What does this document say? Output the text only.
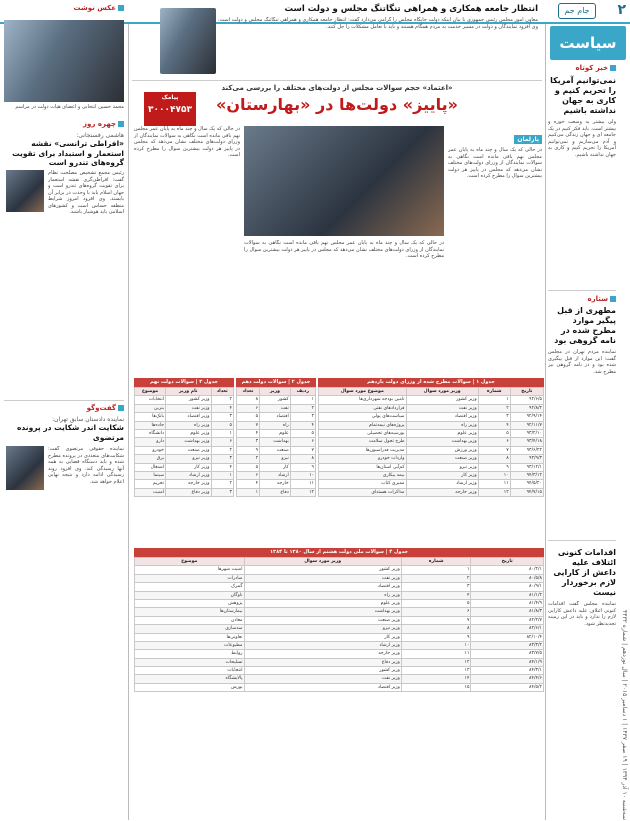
۲
جام جم
سیاست
سه‌شنبه ۱۰ آذر ۱۳۹۴ | ۱۹ صفر ۱۴۳۷ | ۱ دسامبر ۲۰۱۵ | سال نوزدهم | شماره ۴۴۳۲
خبر کوتاه
نمی‌توانیم آمریکا را تحریم کنیم و کاری به جهان نداشته باشیم
ولی بیشتر به وسعت حوزه و بیشتر است. باید فکر کنیم در یک جامعه ای و جهان زندگی می‌کنیم و آدم می‌سازیم و نمی‌توانیم آمریکا را تحریم کنیم و کاری به جهان نداشته باشیم.
ستاره
مطهری از قبل پیگیر موارد مطرح شده در نامه گروهی بود
نماینده مردم تهران در مجلس گفت: این موارد از قبل پیگیری شده بود و در نامه گروهی نیز مطرح شد.
اقدامات کنونی ائتلاف علیه داعش از کارایی لازم برخوردار نیست
نماینده مجلس گفت اقدامات کنونی ائتلاف علیه داعش کارایی لازم را ندارد و باید در این زمینه تجدیدنظر شود.
انتظار جامعه همکاری و همراهی تنگاتنگ مجلس و دولت است
معاون امور مجلس رئیس جمهوری با بیان اینکه دولت جایگاه مجلس را گرامی می‌دارد گفت: انتظار جامعه همکاری و همراهی تنگاتنگ مجلس و دولت است. وی افزود نمایندگان و دولت در مسیر خدمت به مردم همگام هستند و باید با تعامل مشکلات را حل کنند.
«اعتماد» حجم سوالات مجلس از دولت‌های مختلف را بررسی می‌کند
«پاییز» دولت‌ها در «بهارستان»
پیامک
۳۰۰۰۴۷۵۳
پارلمان
در حالی که یک سال و چند ماه به پایان عمر مجلس نهم باقی مانده است نگاهی به سوالات نمایندگان از وزرای دولت‌های مختلف نشان می‌دهد که مجلس در پاییز هر دولت بیشترین سوال را مطرح کرده است.
در حالی که یک سال و چند ماه به پایان عمر مجلس نهم باقی مانده است نگاهی به سوالات نمایندگان از وزرای دولت‌های مختلف نشان می‌دهد که مجلس در پاییز هر دولت بیشترین سوال را مطرح کرده است.
در حالی که یک سال و چند ماه به پایان عمر مجلس نهم باقی مانده است نگاهی به سوالات نمایندگان از وزرای دولت‌های مختلف نشان می‌دهد که مجلس در پاییز هر دولت بیشترین سوال را مطرح کرده است.
جدول ۱ | سوالات مطرح شده از وزرای دولت یازدهم
تاریخ	شماره	وزیر مورد سوال	موضوع مورد سوال
۹۲/۶/۵	۱	وزیر کشور	تامین بودجه شهرداری‌ها
۹۲/۸/۲	۲	وزیر نفت	قراردادهای نفتی
۹۲/۹/۱۴	۳	وزیر اقتصاد	سیاست‌های پولی
۹۲/۱۱/۷	۴	وزیر راه	پروژه‌های نیمه‌تمام
۹۳/۲/۱۰	۵	وزیر علوم	بورسیه‌های تحصیلی
۹۳/۴/۱۸	۶	وزیر بهداشت	طرح تحول سلامت
۹۳/۶/۲۲	۷	وزیر ورزش	مدیریت فدراسیون‌ها
۹۳/۹/۳	۸	وزیر صنعت	واردات خودرو
۹۳/۱۲/۱	۹	وزیر نیرو	کم‌آبی استان‌ها
۹۴/۳/۱۲	۱۰	وزیر کار	بیمه بیکاری
۹۴/۵/۲۰	۱۱	وزیر ارشاد	ممیزی کتاب
۹۴/۷/۱۵	۱۲	وزیر خارجه	مذاکرات هسته‌ای
جدول ۲ | سوالات دولت دهم
ردیف	وزیر	تعداد
۱	کشور	۸
۲	نفت	۶
۳	اقتصاد	۵
۴	راه	۷
۵	علوم	۴
۶	بهداشت	۳
۷	صنعت	۹
۸	نیرو	۲
۹	کار	۵
۱۰	ارشاد	۶
۱۱	خارجه	۴
۱۲	دفاع	۱
جدول ۳ | سوالات دولت نهم
تعداد	نام وزیر	موضوع
۲	وزیر کشور	انتخابات
۴	وزیر نفت	بنزین
۳	وزیر اقتصاد	بانک‌ها
۵	وزیر راه	جاده‌ها
۱	وزیر علوم	دانشگاه
۶	وزیر بهداشت	دارو
۲	وزیر صنعت	خودرو
۳	وزیر نیرو	برق
۴	وزیر کار	اشتغال
۱	وزیر ارشاد	سینما
۲	وزیر خارجه	تحریم
۳	وزیر دفاع	امنیت
جدول ۴ | سوالات ملی دولت هشتم از سال ۱۳۸۰ تا ۱۳۸۴
تاریخ	شماره	وزیر مورد سوال	موضوع
۸۰/۲/۱	۱	وزیر کشور	امنیت شهرها
۸۰/۵/۸	۲	وزیر نفت	صادرات
۸۰/۹/۱	۳	وزیر اقتصاد	گمرک
۸۱/۱/۲	۴	وزیر راه	ناوگان
۸۱/۴/۹	۵	وزیر علوم	پژوهش
۸۱/۸/۳	۶	وزیر بهداشت	بیمارستان‌ها
۸۲/۲/۷	۷	وزیر صنعت	معادن
۸۲/۶/۱	۸	وزیر نیرو	سدسازی
۸۲/۱۰/۴	۹	وزیر کار	تعاونی‌ها
۸۳/۳/۲	۱۰	وزیر ارشاد	مطبوعات
۸۳/۷/۵	۱۱	وزیر خارجه	روابط
۸۴/۱/۹	۱۲	وزیر دفاع	تسلیحات
۸۴/۳/۱	۱۳	وزیر کشور	انتخابات
۸۴/۴/۶	۱۴	وزیر نفت	پالایشگاه
۸۴/۵/۲	۱۵	وزیر اقتصاد	بورس
عکس نوشت
محمد حسین انتخابی و اعضای هیات دولت در مراسم
چهره روز
هاشمی رفسنجانی:
«افراطی ترانسی» نقشه استعمار و استبداد برای تقویت گروه‌های تندرو است
رئیس مجمع تشخیص مصلحت نظام گفت: افراطی‌گری نقشه استعمار برای تقویت گروه‌های تندرو است و جهان اسلام باید با وحدت در برابر آن بایستد. وی افزود امروز شرایط منطقه حساس است و کشورهای اسلامی باید هوشیار باشند.
گفت‌وگو
نماینده دادستان سابق تهران:
شکایت اندر شکایت در پرونده مرتضوی
نماینده حقوقی مرتضوی گفت: شکایت‌های متعددی در پرونده مطرح شده و باید دستگاه قضایی به همه آنها رسیدگی کند. وی افزود روند رسیدگی ادامه دارد و نتیجه نهایی اعلام خواهد شد.
